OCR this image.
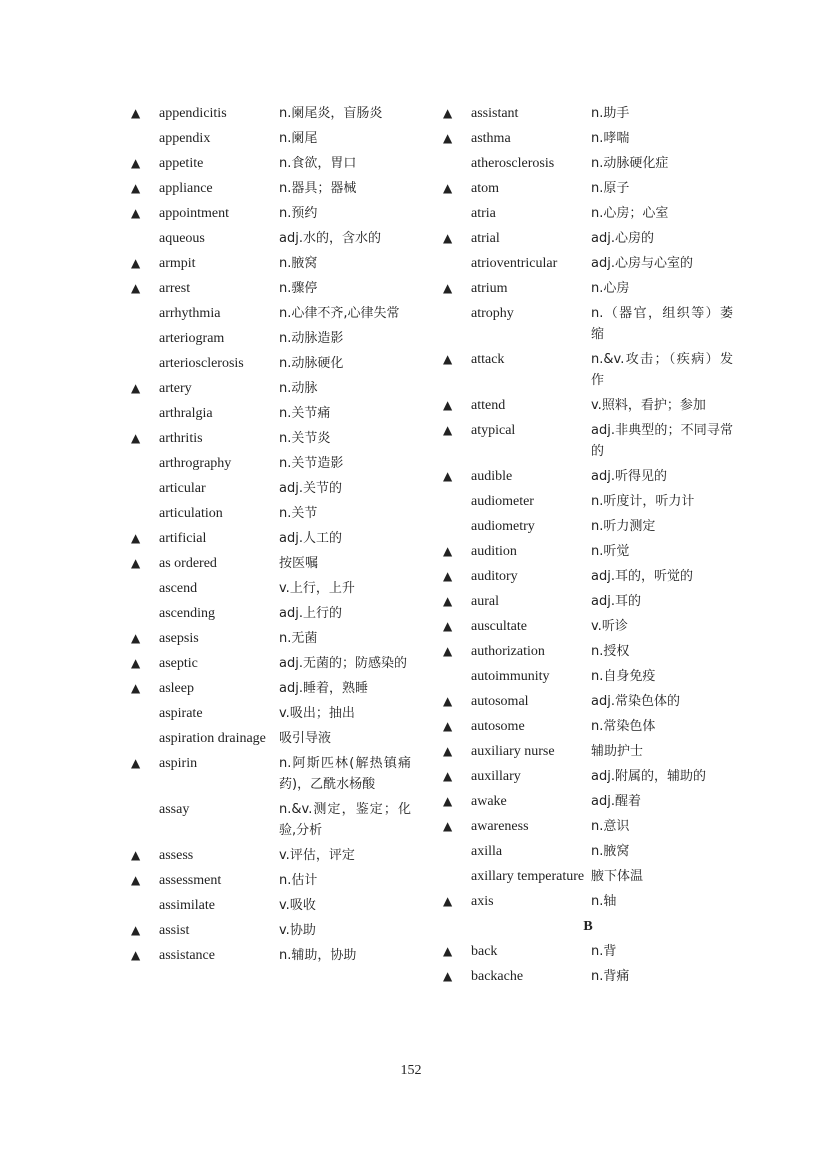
▲	appendicitis	n.阑尾炎，盲肠炎
appendix	n.阑尾
▲	appetite	n.食欲，胃口
▲	appliance	n.器具；器械
▲	appointment	n.预约
aqueous	adj.水的，含水的
▲	armpit	n.腋窝
▲	arrest	n.骤停
arrhythmia	n.心律不齐,心律失常
arteriogram	n.动脉造影
arteriosclerosis	n.动脉硬化
▲	artery	n.动脉
arthralgia	n.关节痛
▲	arthritis	n.关节炎
arthrography	n.关节造影
articular	adj.关节的
articulation	n.关节
▲	artificial	adj.人工的
▲	as ordered	按医嘱
ascend	v.上行，上升
ascending	adj.上行的
▲	asepsis	n.无菌
▲	aseptic	adj.无菌的；防感染的
▲	asleep	adj.睡着，熟睡
aspirate	v.吸出；抽出
aspiration drainage	吸引导液
▲	aspirin	n.阿斯匹林(解热镇痛药)，乙酰水杨酸
assay	n.&v.测定，鉴定；化验,分析
▲	assess	v.评估，评定
▲	assessment	n.估计
assimilate	v.吸收
▲	assist	v.协助
▲	assistance	n.辅助，协助
▲	assistant	n.助手
▲	asthma	n.哮喘
atherosclerosis	n.动脉硬化症
▲	atom	n.原子
atria	n.心房；心室
▲	atrial	adj.心房的
atrioventricular	adj.心房与心室的
▲	atrium	n.心房
atrophy	n.（器官，组织等）萎缩
▲	attack	n.&v.攻击；（疾病）发作
▲	attend	v.照料，看护；参加
▲	atypical	adj.非典型的；不同寻常的
▲	audible	adj.听得见的
audiometer	n.听度计，听力计
audiometry	n.听力测定
▲	audition	n.听觉
▲	auditory	adj.耳的，听觉的
▲	aural	adj.耳的
▲	auscultate	v.听诊
▲	authorization	n.授权
autoimmunity	n.自身免疫
▲	autosomal	adj.常染色体的
▲	autosome	n.常染色体
▲	auxiliary nurse	辅助护士
▲	auxillary	adj.附属的，辅助的
▲	awake	adj.醒着
▲	awareness	n.意识
axilla	n.腋窝
axillary temperature 腋下体温
▲	axis	n.轴
B
▲	back	n.背
▲	backache	n.背痛
152
